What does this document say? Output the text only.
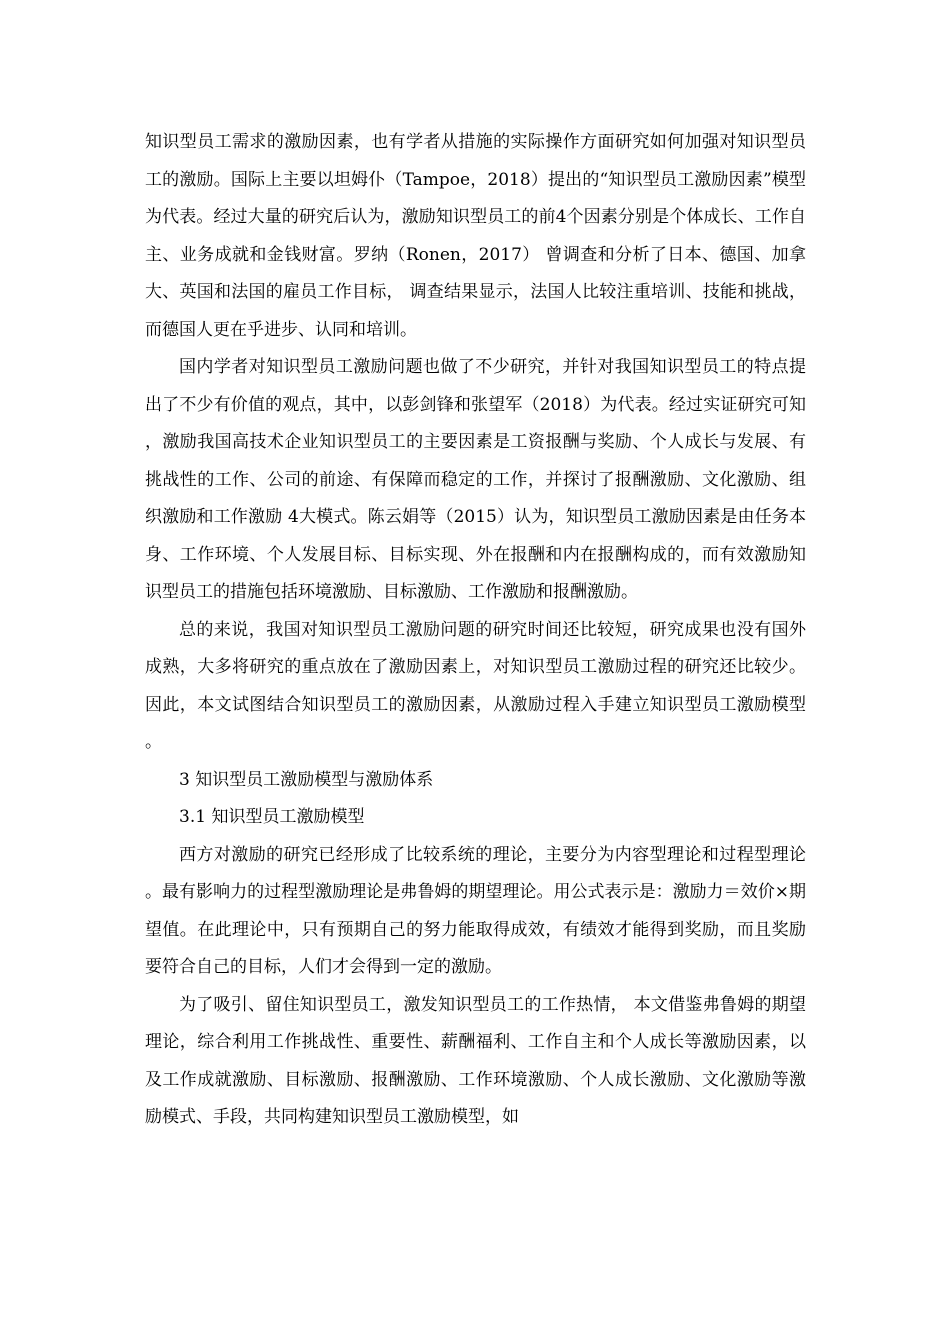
知识型员工需求的激励因素，也有学者从措施的实际操作方面研究如何加强对知识型员工的激励。国际上主要以坦姆仆（Tampoe，2018）提出的“知识型员工激励因素”模型为代表。经过大量的研究后认为，激励知识型员工的前4个因素分别是个体成长、工作自主、业务成就和金钱财富。罗纳（Ronen，2017） 曾调查和分析了日本、德国、加拿大、英国和法国的雇员工作目标， 调查结果显示，法国人比较注重培训、技能和挑战，而德国人更在乎进步、认同和培训。

国内学者对知识型员工激励问题也做了不少研究，并针对我国知识型员工的特点提出了不少有价值的观点，其中，以彭剑锋和张望军（2018）为代表。经过实证研究可知，激励我国高技术企业知识型员工的主要因素是工资报酬与奖励、个人成长与发展、有挑战性的工作、公司的前途、有保障而稳定的工作，并探讨了报酬激励、文化激励、组织激励和工作激励 4大模式。陈云娟等（2015）认为，知识型员工激励因素是由任务本身、工作环境、个人发展目标、目标实现、外在报酬和内在报酬构成的，而有效激励知识型员工的措施包括环境激励、目标激励、工作激励和报酬激励。

总的来说，我国对知识型员工激励问题的研究时间还比较短，研究成果也没有国外成熟，大多将研究的重点放在了激励因素上，对知识型员工激励过程的研究还比较少。因此，本文试图结合知识型员工的激励因素，从激励过程入手建立知识型员工激励模型。

3 知识型员工激励模型与激励体系

3.1 知识型员工激励模型

西方对激励的研究已经形成了比较系统的理论，主要分为内容型理论和过程型理论。最有影响力的过程型激励理论是弗鲁姆的期望理论。用公式表示是：激励力＝效价×期望值。在此理论中，只有预期自己的努力能取得成效，有绩效才能得到奖励，而且奖励要符合自己的目标，人们才会得到一定的激励。

为了吸引、留住知识型员工，激发知识型员工的工作热情， 本文借鉴弗鲁姆的期望理论，综合利用工作挑战性、重要性、薪酬福利、工作自主和个人成长等激励因素，以及工作成就激励、目标激励、报酬激励、工作环境激励、个人成长激励、文化激励等激励模式、手段，共同构建知识型员工激励模型，如
